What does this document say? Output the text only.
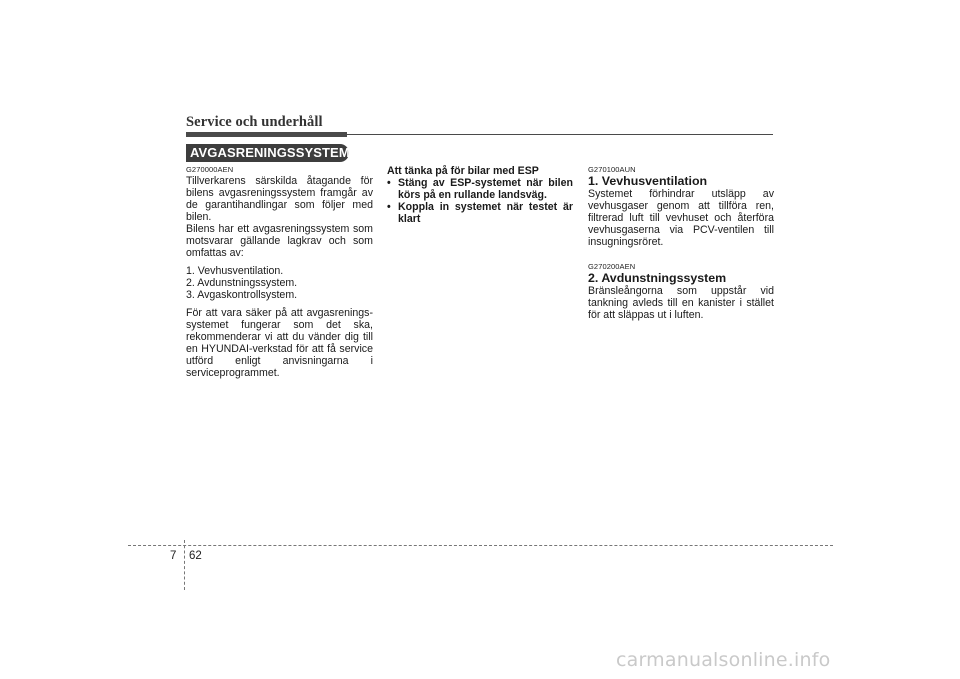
Service och underhåll
AVGASRENINGSSYSTEM
G270000AEN

Tillverkarens särskilda åtagande för bilens avgasreningssystem framgår av de garantihandlingar som följer med bilen.

Bilens har ett avgasreningssystem som motsvarar gällande lagkrav och som omfattas av:

1. Vevhusventilation.

2. Avdunstningssystem.

3. Avgaskontrollsystem.

För att vara säker på att avgasrenings-systemet fungerar som det ska, rekommenderar vi att du vänder dig till en HYUNDAI-verkstad för att få service utförd enligt anvisningarna i serviceprogrammet.

Att tänka på för bilar med ESP

• Stäng av ESP-systemet när bilen körs på en rullande landsväg.
• Koppla in systemet när testet är klart
G270100AUN
1. Vevhusventilation

Systemet förhindrar utsläpp av vevhusgaser genom att tillföra ren, filtrerad luft till vevhuset och återföra vevhusgaserna via PCV-ventilen till insugningsröret.

G270200AEN
2. Avdunstningssystem

Bränsleångorna som uppstår vid tankning avleds till en kanister i stället för att släppas ut i luften.

7 62
carmanualsonline.info
